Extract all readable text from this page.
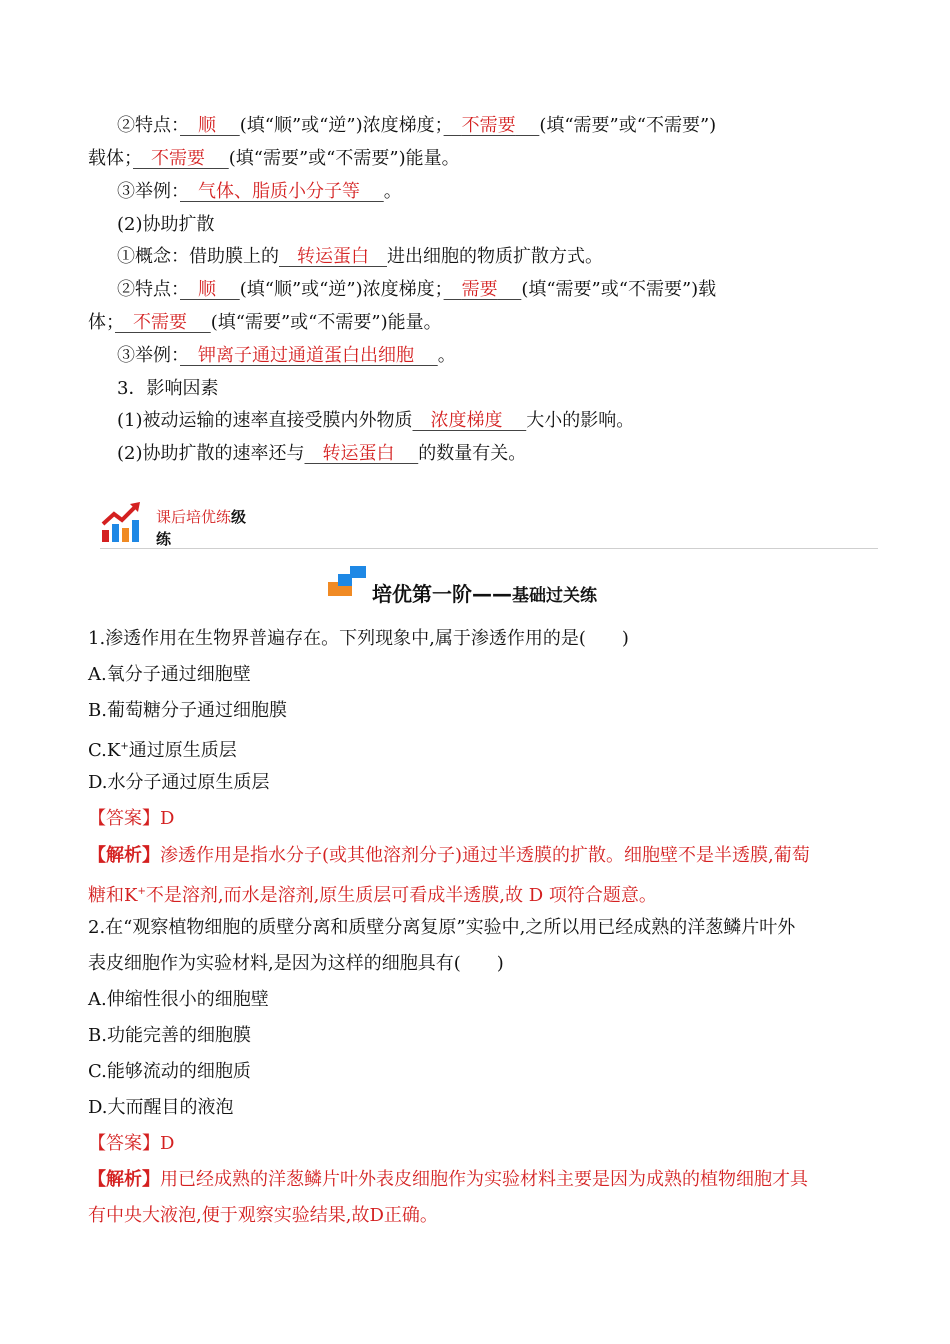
②特点：　 顺　 (填“顺”或“逆”)浓度梯度；　 不需要　 (填“需要”或“不需要”)
载体；　 不需要　 (填“需要”或“不需要”)能量。
③举例：　 气体、脂质小分子等　 。
(2)协助扩散
①概念：借助膜上的　 转运蛋白　 进出细胞的物质扩散方式。
②特点：　 顺　 (填“顺”或“逆”)浓度梯度；　 需要　 (填“需要”或“不需要”)载
体；　 不需要　 (填“需要”或“不需要”)能量。
③举例：　 钾离子通过通道蛋白出细胞　 。
3．影响因素
(1)被动运输的速率直接受膜内外物质　 浓度梯度　 大小的影响。
(2)协助扩散的速率还与　 转运蛋白　 的数量有关。
课后培优练级
练
培优第一阶——基础过关练
1.渗透作用在生物界普遍存在。下列现象中,属于渗透作用的是(　　)
A.氧分子通过细胞壁
B.葡萄糖分子通过细胞膜
C.K+通过原生质层
D.水分子通过原生质层
【答案】D
【解析】渗透作用是指水分子(或其他溶剂分子)通过半透膜的扩散。细胞壁不是半透膜,葡萄
糖和K+不是溶剂,而水是溶剂,原生质层可看成半透膜,故 D 项符合题意。
2.在“观察植物细胞的质壁分离和质壁分离复原”实验中,之所以用已经成熟的洋葱鳞片叶外
表皮细胞作为实验材料,是因为这样的细胞具有(　　)
A.伸缩性很小的细胞壁
B.功能完善的细胞膜
C.能够流动的细胞质
D.大而醒目的液泡
【答案】D
【解析】用已经成熟的洋葱鳞片叶外表皮细胞作为实验材料主要是因为成熟的植物细胞才具
有中央大液泡,便于观察实验结果,故D正确。
